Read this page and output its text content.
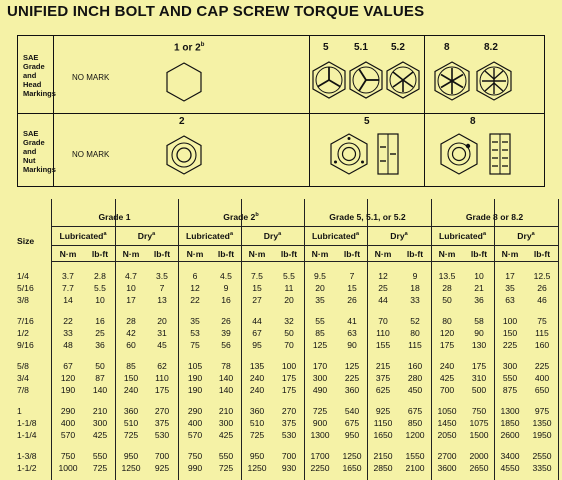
UNIFIED INCH BOLT AND CAP SCREW TORQUE VALUES
SAE
Grade
and
Head
Markings
NO MARK
SAE
Grade
and
Nut
Markings
NO MARK
1 or 2$^b$	5	5.1 5.2	8	8.2
2	5	8
Size
Grade 1	Grade 2$^b$	Grade 5, 5.1, or 5.2	Grade 8 or 8.2
Lubricated$^a$	Dry$^a$	Lubricated$^a$	Dry$^a$	Lubricated$^a$	Dry$^a$	Lubricated$^a$	Dry$^a$
N·m	lb-ft	N·m	lb-ft	N·m	lb-ft	N·m	lb-ft	N·m	lb-ft	N·m	lb-ft	N·m	lb-ft	N·m	lb-ft
1/4	3.7	2.8	4.7	3.5	6	4.5	7.5	5.5	9.5	7	12	9	13.5	10	17	12.5
5/16	7.7	5.5	10	7	12	9	15	11	20	15	25	18	28	21	35	26
3/8	14	10	17	13	22	16	27	20	35	26	44	33	50	36	63	46
7/16	22	16	28	20	35	26	44	32	55	41	70	52	80	58	100	75
1/2	33	25	42	31	53	39	67	50	85	63	110	80	120	90	150	115
9/16	48	36	60	45	75	56	95	70	125	90	155	115	175	130	225	160
5/8	67	50	85	62	105	78	135	100	170	125	215	160	240	175	300	225
3/4	120	87	150	110	190	140	240	175	300	225	375	280	425	310	550	400
7/8	190	140	240	175	190	140	240	175	490	360	625	450	700	500	875	650
1	290	210	360	270	290	210	360	270	725	540	925	675	1050	750	1300	975
1-1/8	400	300	510	375	400	300	510	375	900	675	1150	850	1450 1075 1850 1350
1-1/4	570	425	725	530	570	425	725	530	1300	950	1650 1200 2050 1500 2600 1950
1-3/8	750	550	950	700	750	550	950	700	1700 1250 2150 1550 2700 2000 3400 2550
1-1/2	1000	725	1250	925	990	725	1250	930	2250 1650 2850 2100 3600 2650 4550 3350
